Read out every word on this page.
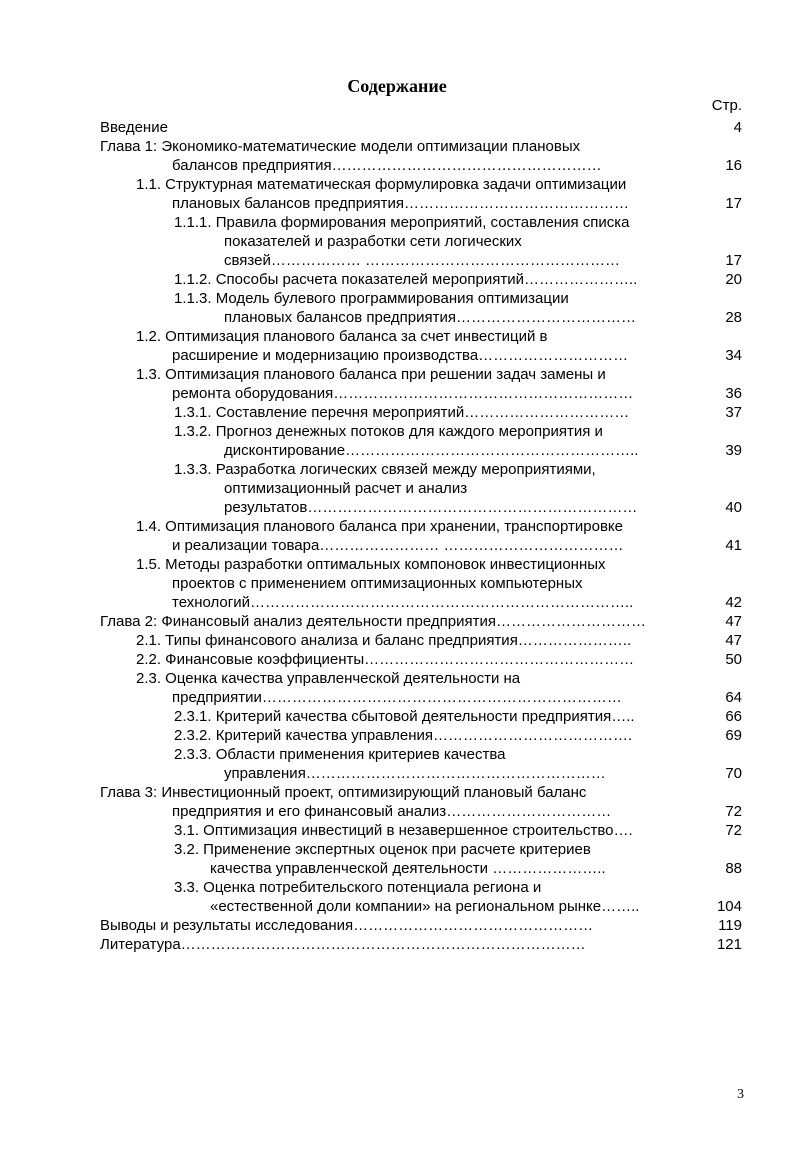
Содержание
Стр.
Введение	4
Глава 1: Экономико-математические модели оптимизации плановых
балансов предприятия………………………………………………	16
1.1. Структурная математическая формулировка задачи оптимизации
плановых балансов предприятия………………………………………	17
1.1.1. Правила формирования мероприятий, составления списка
показателей и разработки сети логических
связей……………… ……………………………………………	17
1.1.2. Способы расчета показателей мероприятий…………………..	20
1.1.3. Модель булевого программирования оптимизации
плановых балансов предприятия………………………………	28
1.2. Оптимизация планового баланса за счет инвестиций в
расширение и модернизацию производства…………………………	34
1.3. Оптимизация планового баланса при решении задач замены и
ремонта оборудования……………………………………………………	36
1.3.1. Составление перечня мероприятий……………………………	37
1.3.2. Прогноз денежных потоков для каждого мероприятия и
дисконтирование…………………………………………………..	39
1.3.3. Разработка логических связей между мероприятиями,
оптимизационный расчет и анализ
результатов…………………………………………………………	40
1.4. Оптимизация планового баланса при хранении, транспортировке
и реализации товара…………………… ………………………………	41
1.5. Методы разработки оптимальных компоновок инвестиционных
проектов с применением оптимизационных компьютерных
технологий…………………………………………………………………..	42
Глава 2: Финансовый анализ деятельности предприятия…………………………	47
2.1. Типы финансового анализа и баланс предприятия…………………..	47
2.2. Финансовые коэффициенты………………………………………………	50
2.3. Оценка качества управленческой деятельности на
предприятии………………………………………………………………	64
2.3.1. Критерий качества сбытовой деятельности предприятия…..	66
2.3.2. Критерий качества управления………………………………….	69
2.3.3. Области применения критериев качества
управления……………………………………………………	70
Глава 3: Инвестиционный проект, оптимизирующий плановый баланс
предприятия и его финансовый анализ……………………………	72
3.1. Оптимизация инвестиций в незавершенное строительство….	72
3.2. Применение экспертных оценок при расчете критериев
качества управленческой деятельности …………………..	88
3.3. Оценка потребительского потенциала региона и
«естественной доли компании» на региональном рынке……..	104
Выводы и результаты исследования…………………………………………	119
Литература………………………………………………………………………	121
3
